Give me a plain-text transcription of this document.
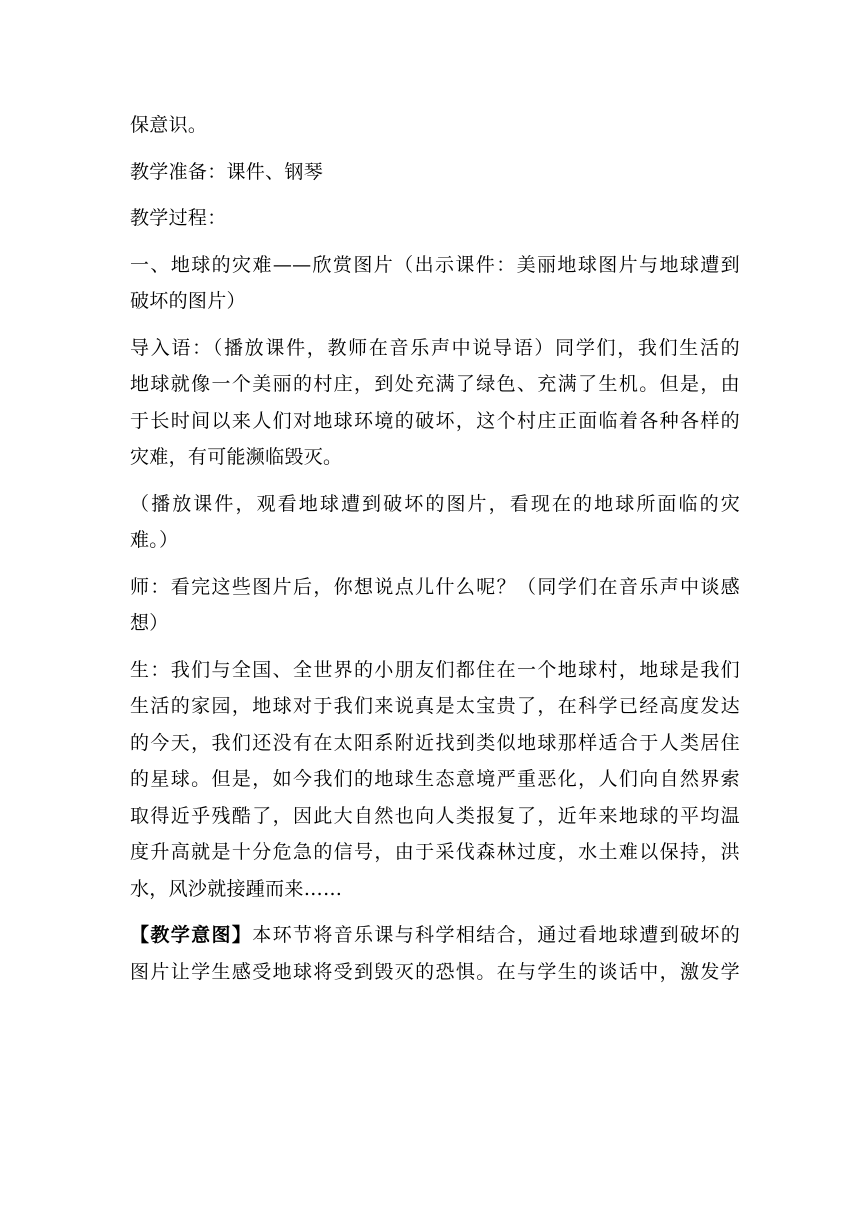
保意识。

教学准备：课件、钢琴

教学过程：

一、地球的灾难——欣赏图片（出示课件：美丽地球图片与地球遭到
破坏的图片）

导入语：（播放课件，教师在音乐声中说导语）同学们，我们生活的
地球就像一个美丽的村庄，到处充满了绿色、充满了生机。但是，由
于长时间以来人们对地球环境的破坏，这个村庄正面临着各种各样的
灾难，有可能濒临毁灭。

（播放课件，观看地球遭到破坏的图片，看现在的地球所面临的灾
难。）

师：看完这些图片后，你想说点儿什么呢？（同学们在音乐声中谈感
想）

生：我们与全国、全世界的小朋友们都住在一个地球村，地球是我们
生活的家园，地球对于我们来说真是太宝贵了，在科学已经高度发达
的今天，我们还没有在太阳系附近找到类似地球那样适合于人类居住
的星球。但是，如今我们的地球生态意境严重恶化，人们向自然界索
取得近乎残酷了，因此大自然也向人类报复了，近年来地球的平均温
度升高就是十分危急的信号，由于采伐森林过度，水土难以保持，洪
水，风沙就接踵而来……

【教学意图】本环节将音乐课与科学相结合，通过看地球遭到破坏的
图片让学生感受地球将受到毁灭的恐惧。在与学生的谈话中，激发学
